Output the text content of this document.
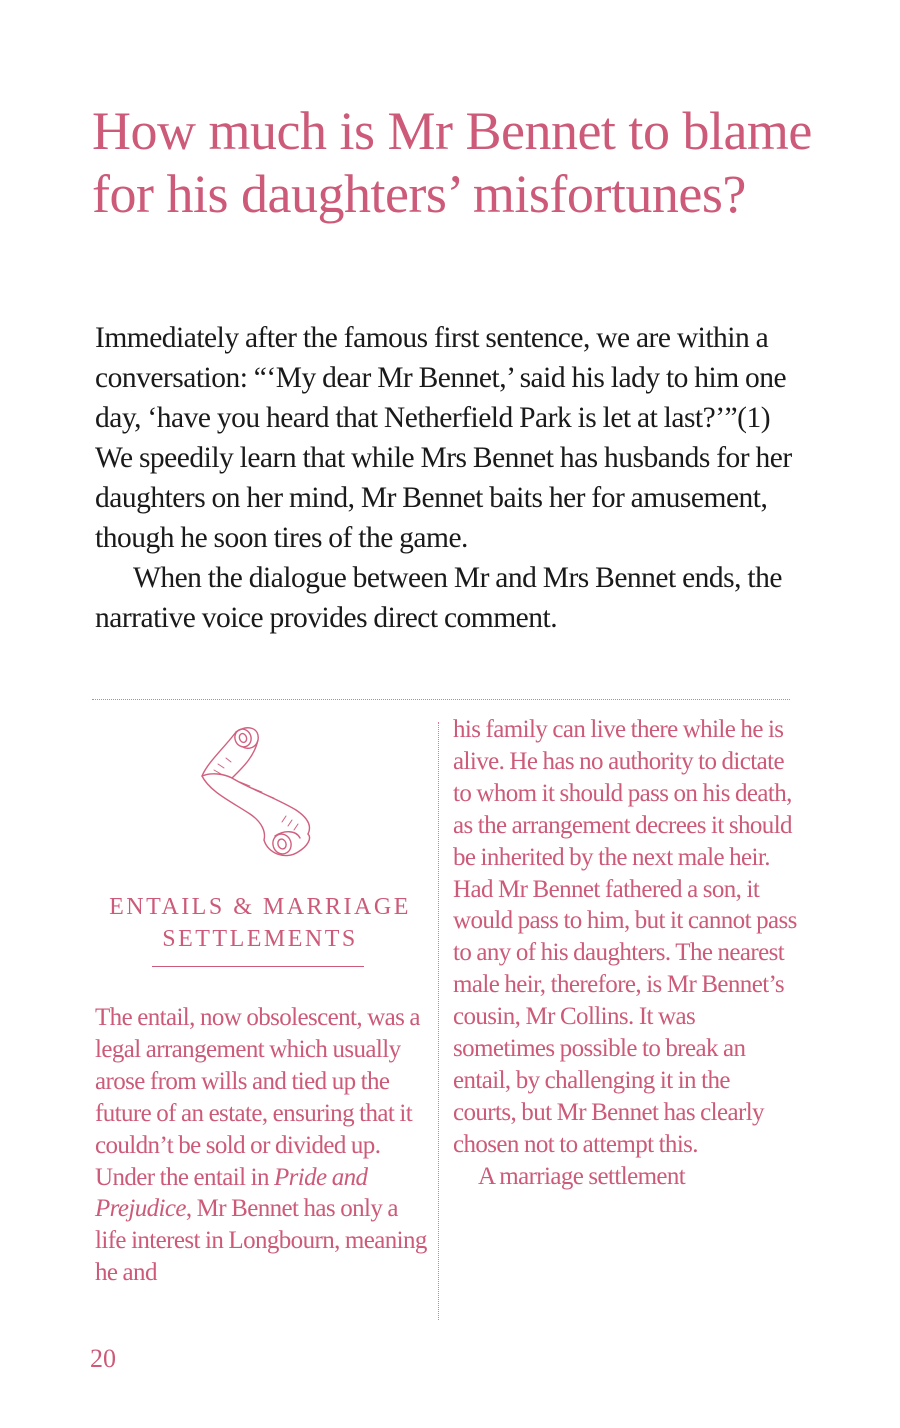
How much is Mr Bennet to blame for his daughters’ misfortunes?

Immediately after the famous first sentence, we are within a conversation: “‘My dear Mr Bennet,’ said his lady to him one day, ‘have you heard that Netherfield Park is let at last?’”(1) We speedily learn that while Mrs Bennet has husbands for her daughters on her mind, Mr Bennet baits her for amusement, though he soon tires of the game.

When the dialogue between Mr and Mrs Bennet ends, the narrative voice provides direct comment.

ENTAILS & MARRIAGE
SETTLEMENTS

The entail, now obsolescent, was a legal arrangement which usually arose from wills and tied up the future of an estate, ensuring that it couldn’t be sold or divided up. Under the entail in Pride and Prejudice, Mr Bennet has only a life interest in Longbourn, meaning he and

his family can live there while he is alive. He has no authority to dictate to whom it should pass on his death, as the arrangement decrees it should be inherited by the next male heir. Had Mr Bennet fathered a son, it would pass to him, but it cannot pass to any of his daughters. The nearest male heir, therefore, is Mr Bennet’s cousin, Mr Collins. It was sometimes possible to break an entail, by challenging it in the courts, but Mr Bennet has clearly chosen not to attempt this.

A marriage settlement

20
